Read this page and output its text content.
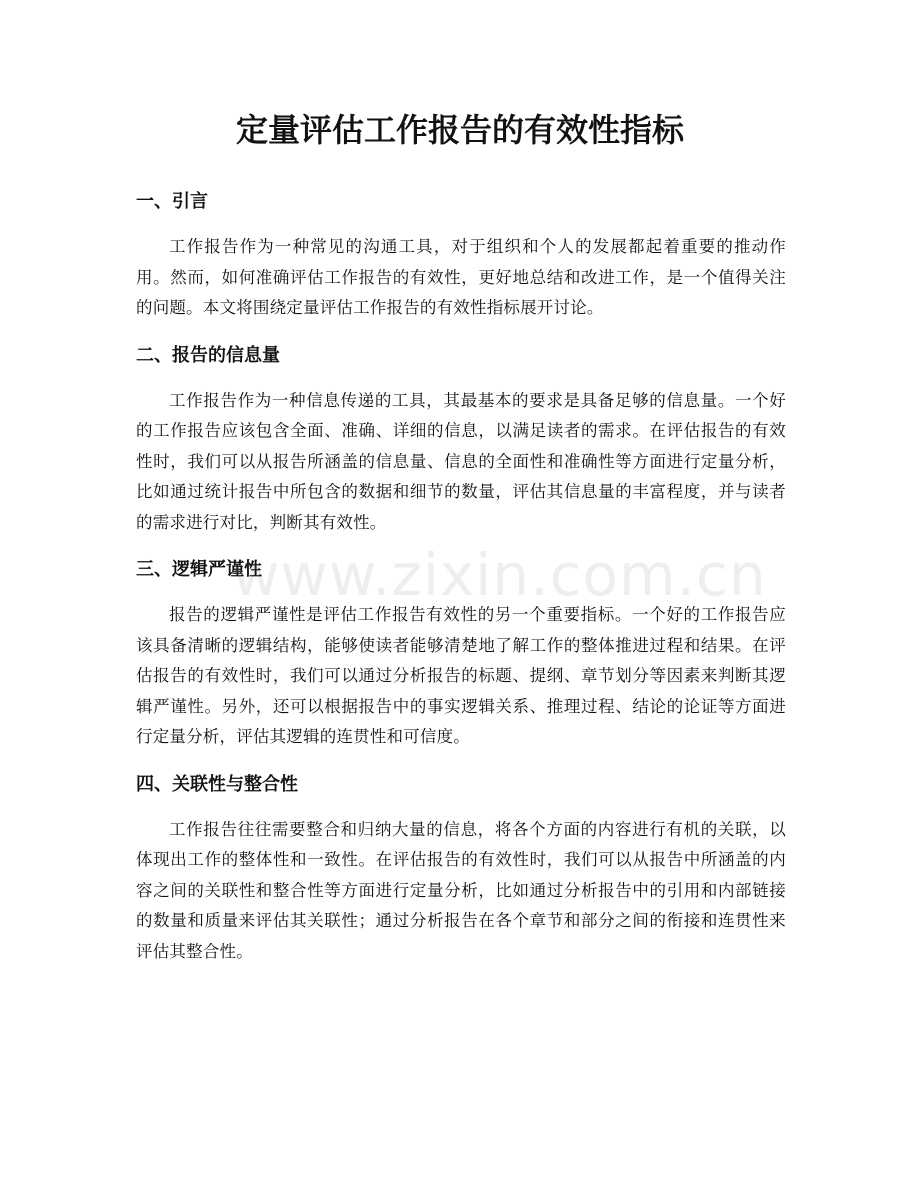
定量评估工作报告的有效性指标
一、引言

工作报告作为一种常见的沟通工具，对于组织和个人的发展都起着重要的推动作用。然而，如何准确评估工作报告的有效性，更好地总结和改进工作，是一个值得关注的问题。本文将围绕定量评估工作报告的有效性指标展开讨论。

二、报告的信息量

工作报告作为一种信息传递的工具，其最基本的要求是具备足够的信息量。一个好的工作报告应该包含全面、准确、详细的信息，以满足读者的需求。在评估报告的有效性时，我们可以从报告所涵盖的信息量、信息的全面性和准确性等方面进行定量分析，比如通过统计报告中所包含的数据和细节的数量，评估其信息量的丰富程度，并与读者的需求进行对比，判断其有效性。

三、逻辑严谨性

报告的逻辑严谨性是评估工作报告有效性的另一个重要指标。一个好的工作报告应该具备清晰的逻辑结构，能够使读者能够清楚地了解工作的整体推进过程和结果。在评估报告的有效性时，我们可以通过分析报告的标题、提纲、章节划分等因素来判断其逻辑严谨性。另外，还可以根据报告中的事实逻辑关系、推理过程、结论的论证等方面进行定量分析，评估其逻辑的连贯性和可信度。

四、关联性与整合性

工作报告往往需要整合和归纳大量的信息，将各个方面的内容进行有机的关联，以体现出工作的整体性和一致性。在评估报告的有效性时，我们可以从报告中所涵盖的内容之间的关联性和整合性等方面进行定量分析，比如通过分析报告中的引用和内部链接的数量和质量来评估其关联性；通过分析报告在各个章节和部分之间的衔接和连贯性来评估其整合性。

www.zixin.com.cn
